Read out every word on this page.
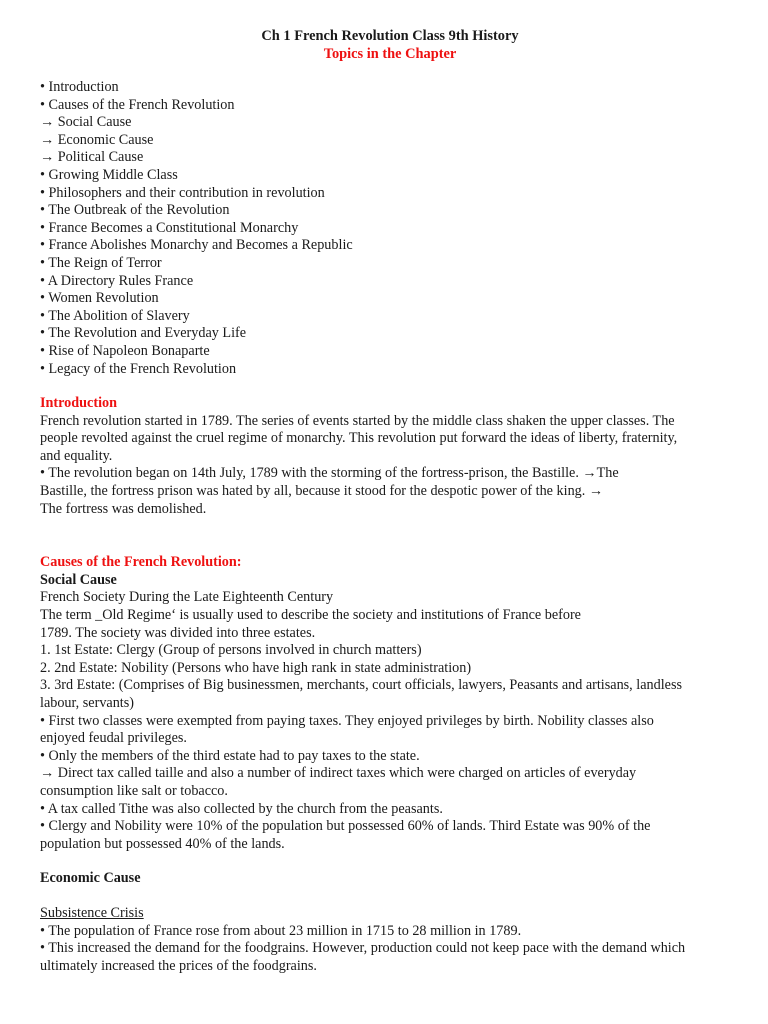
Ch 1 French Revolution Class 9th History
Topics in the Chapter
• Introduction
• Causes of the French Revolution
→ Social Cause
→ Economic Cause
→ Political Cause
• Growing Middle Class
• Philosophers and their contribution in revolution
• The Outbreak of the Revolution
• France Becomes a Constitutional Monarchy
• France Abolishes Monarchy and Becomes a Republic
• The Reign of Terror
• A Directory Rules France
• Women Revolution
• The Abolition of Slavery
• The Revolution and Everyday Life
• Rise of Napoleon Bonaparte
• Legacy of the French Revolution
Introduction
French revolution started in 1789. The series of events started by the middle class shaken the upper classes. The
people revolted against the cruel regime of monarchy. This revolution put forward the ideas of liberty, fraternity,
and equality.
• The revolution began on 14th July, 1789 with the storming of the fortress-prison, the Bastille. →The
Bastille, the fortress prison was hated by all, because it stood for the despotic power of the king. →
The fortress was demolished.
Causes of the French Revolution:
Social Cause
French Society During the Late Eighteenth Century
The term _Old Regime‘ is usually used to describe the society and institutions of France before
1789. The society was divided into three estates.
1. 1st Estate: Clergy (Group of persons involved in church matters)
2. 2nd Estate: Nobility (Persons who have high rank in state administration)
3. 3rd Estate: (Comprises of Big businessmen, merchants, court officials, lawyers, Peasants and artisans, landless
labour, servants)
• First two classes were exempted from paying taxes. They enjoyed privileges by birth. Nobility classes also
enjoyed feudal privileges.
• Only the members of the third estate had to pay taxes to the state.
→ Direct tax called taille and also a number of indirect taxes which were charged on articles of everyday
consumption like salt or tobacco.
• A tax called Tithe was also collected by the church from the peasants.
• Clergy and Nobility were 10% of the population but possessed 60% of lands. Third Estate was 90% of the
population but possessed 40% of the lands.
Economic Cause
Subsistence Crisis
• The population of France rose from about 23 million in 1715 to 28 million in 1789.
• This increased the demand for the foodgrains. However, production could not keep pace with the demand which
ultimately increased the prices of the foodgrains.
